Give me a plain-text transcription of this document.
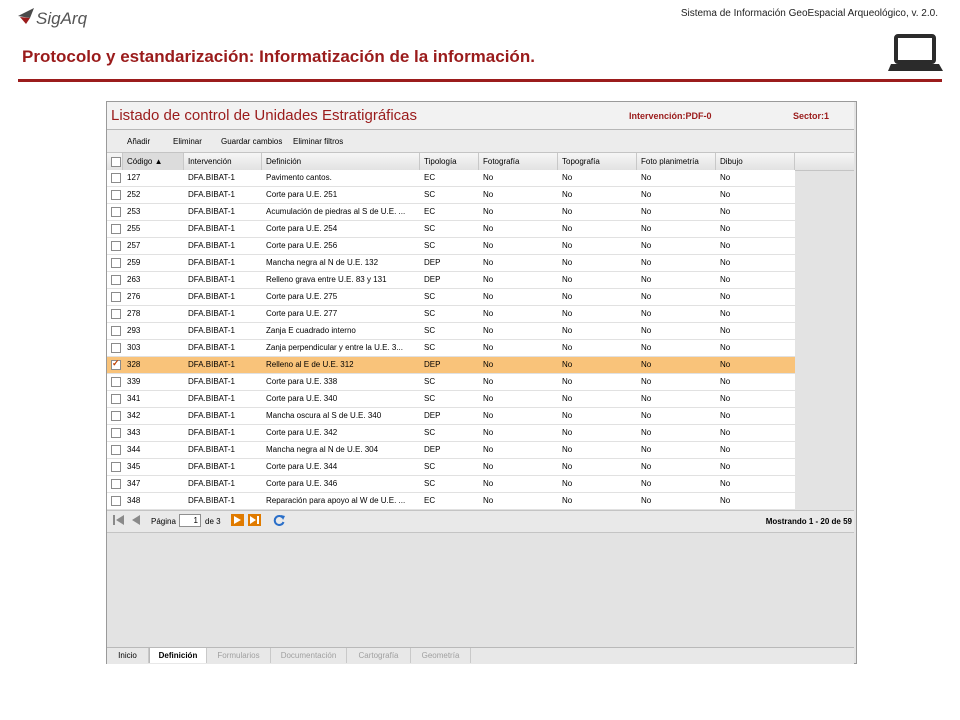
SigArq	Sistema de Información GeoEspacial Arqueológico, v. 2.0.
Protocolo y estandarización: Informatización de la información.
Listado de control de Unidades Estratigráficas	Intervención:PDF-0	Sector:1
Añadir	Eliminar Guardar cambios Eliminar filtros
Código ▲	Intervención	Definición	Tipología	Fotografía	Topografía	Foto planimetría	Dibujo
127	DFA.BIBAT-1	Pavimento cantos.	EC	No	No	No	No
252	DFA.BIBAT-1	Corte para U.E. 251	SC	No	No	No	No
253	DFA.BIBAT-1	Acumulación de piedras al S de U.E. ...	EC	No	No	No	No
255	DFA.BIBAT-1	Corte para U.E. 254	SC	No	No	No	No
257	DFA.BIBAT-1	Corte para U.E. 256	SC	No	No	No	No
259	DFA.BIBAT-1	Mancha negra al N de U.E. 132	DEP	No	No	No	No
263	DFA.BIBAT-1	Relleno grava entre U.E. 83 y 131	DEP	No	No	No	No
276	DFA.BIBAT-1	Corte para U.E. 275	SC	No	No	No	No
278	DFA.BIBAT-1	Corte para U.E. 277	SC	No	No	No	No
293	DFA.BIBAT-1	Zanja E cuadrado interno	SC	No	No	No	No
303	DFA.BIBAT-1	Zanja perpendicular y entre la U.E. 3...	SC	No	No	No	No
✓
328	DFA.BIBAT-1	Relleno al E de U.E. 312	DEP	No	No	No	No
339	DFA.BIBAT-1	Corte para U.E. 338	SC	No	No	No	No
341	DFA.BIBAT-1	Corte para U.E. 340	SC	No	No	No	No
342	DFA.BIBAT-1	Mancha oscura al S de U.E. 340	DEP	No	No	No	No
343	DFA.BIBAT-1	Corte para U.E. 342	SC	No	No	No	No
344	DFA.BIBAT-1	Mancha negra al N de U.E. 304	DEP	No	No	No	No
345	DFA.BIBAT-1	Corte para U.E. 344	SC	No	No	No	No
347	DFA.BIBAT-1	Corte para U.E. 346	SC	No	No	No	No
348	DFA.BIBAT-1	Reparación para apoyo al W de U.E. ...	EC	No	No	No	No
Página
1	de 3	Mostrando 1 - 20 de 59
Inicio	Definición	Formularios	Documentación	Cartografía	Geometría
